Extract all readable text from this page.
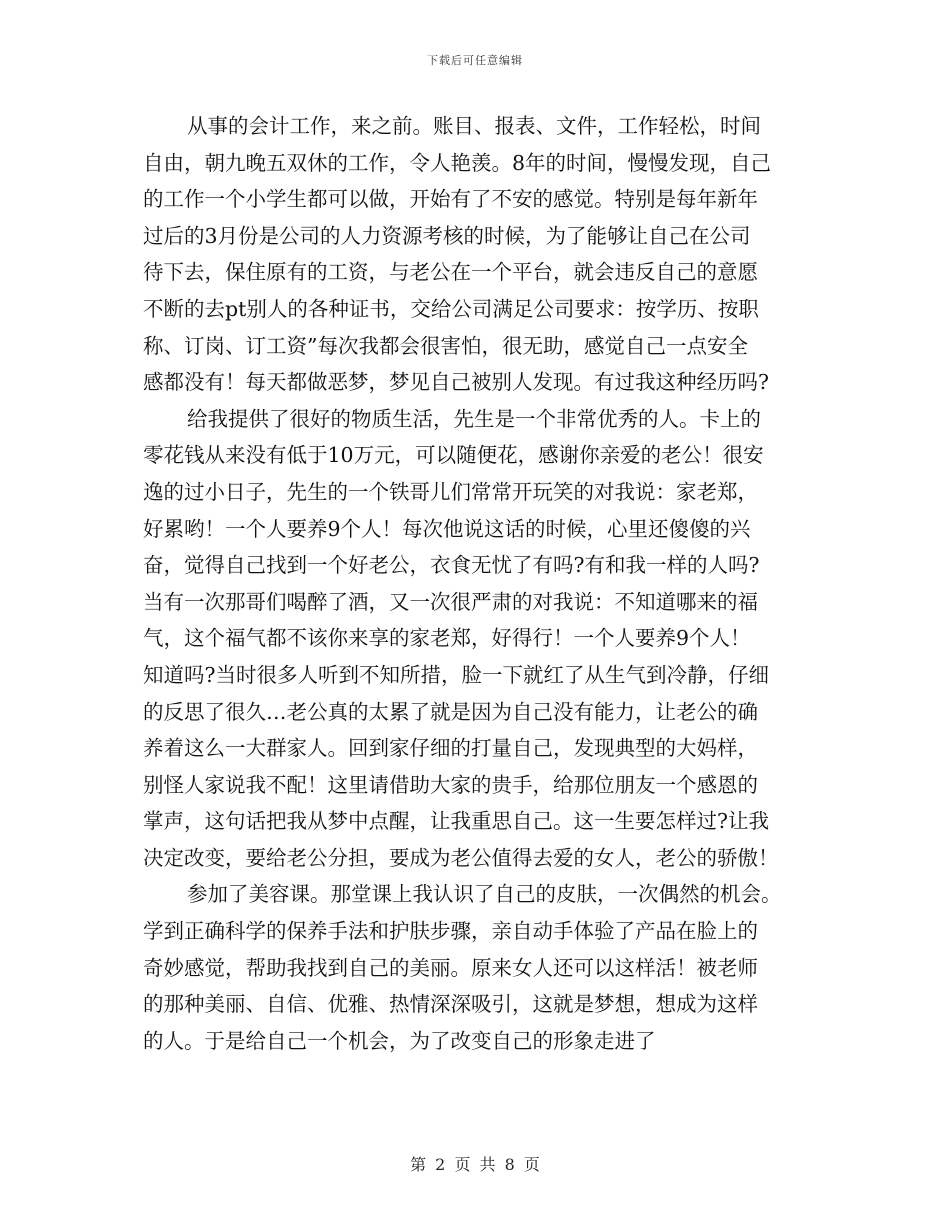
下载后可任意编辑

从事的会计工作，来之前。账目、报表、文件，工作轻松，时间
自由，朝九晚五双休的工作，令人艳羡。8年的时间，慢慢发现，自己
的工作一个小学生都可以做，开始有了不安的感觉。特别是每年新年
过后的3月份是公司的人力资源考核的时候，为了能够让自己在公司
待下去，保住原有的工资，与老公在一个平台，就会违反自己的意愿
不断的去pt别人的各种证书，交给公司满足公司要求：按学历、按职
称、订岗、订工资”每次我都会很害怕，很无助，感觉自己一点安全
感都没有！每天都做恶梦，梦见自己被别人发现。有过我这种经历吗?

给我提供了很好的物质生活，先生是一个非常优秀的人。卡上的
零花钱从来没有低于10万元，可以随便花，感谢你亲爱的老公！很安
逸的过小日子，先生的一个铁哥儿们常常开玩笑的对我说：家老郑，
好累哟！一个人要养9个人！每次他说这话的时候，心里还傻傻的兴
奋，觉得自己找到一个好老公，衣食无忧了有吗?有和我一样的人吗?
当有一次那哥们喝醉了酒，又一次很严肃的对我说：不知道哪来的福
气，这个福气都不该你来享的家老郑，好得行！一个人要养9个人！
知道吗?当时很多人听到不知所措，脸一下就红了从生气到冷静，仔细
的反思了很久…老公真的太累了就是因为自己没有能力，让老公的确
养着这么一大群家人。回到家仔细的打量自己，发现典型的大妈样，
别怪人家说我不配！这里请借助大家的贵手，给那位朋友一个感恩的
掌声，这句话把我从梦中点醒，让我重思自己。这一生要怎样过?让我
决定改变，要给老公分担，要成为老公值得去爱的女人，老公的骄傲！

参加了美容课。那堂课上我认识了自己的皮肤，一次偶然的机会。
学到正确科学的保养手法和护肤步骤，亲自动手体验了产品在脸上的
奇妙感觉，帮助我找到自己的美丽。原来女人还可以这样活！被老师
的那种美丽、自信、优雅、热情深深吸引，这就是梦想，想成为这样
的人。于是给自己一个机会，为了改变自己的形象走进了

第 2 页 共 8 页
